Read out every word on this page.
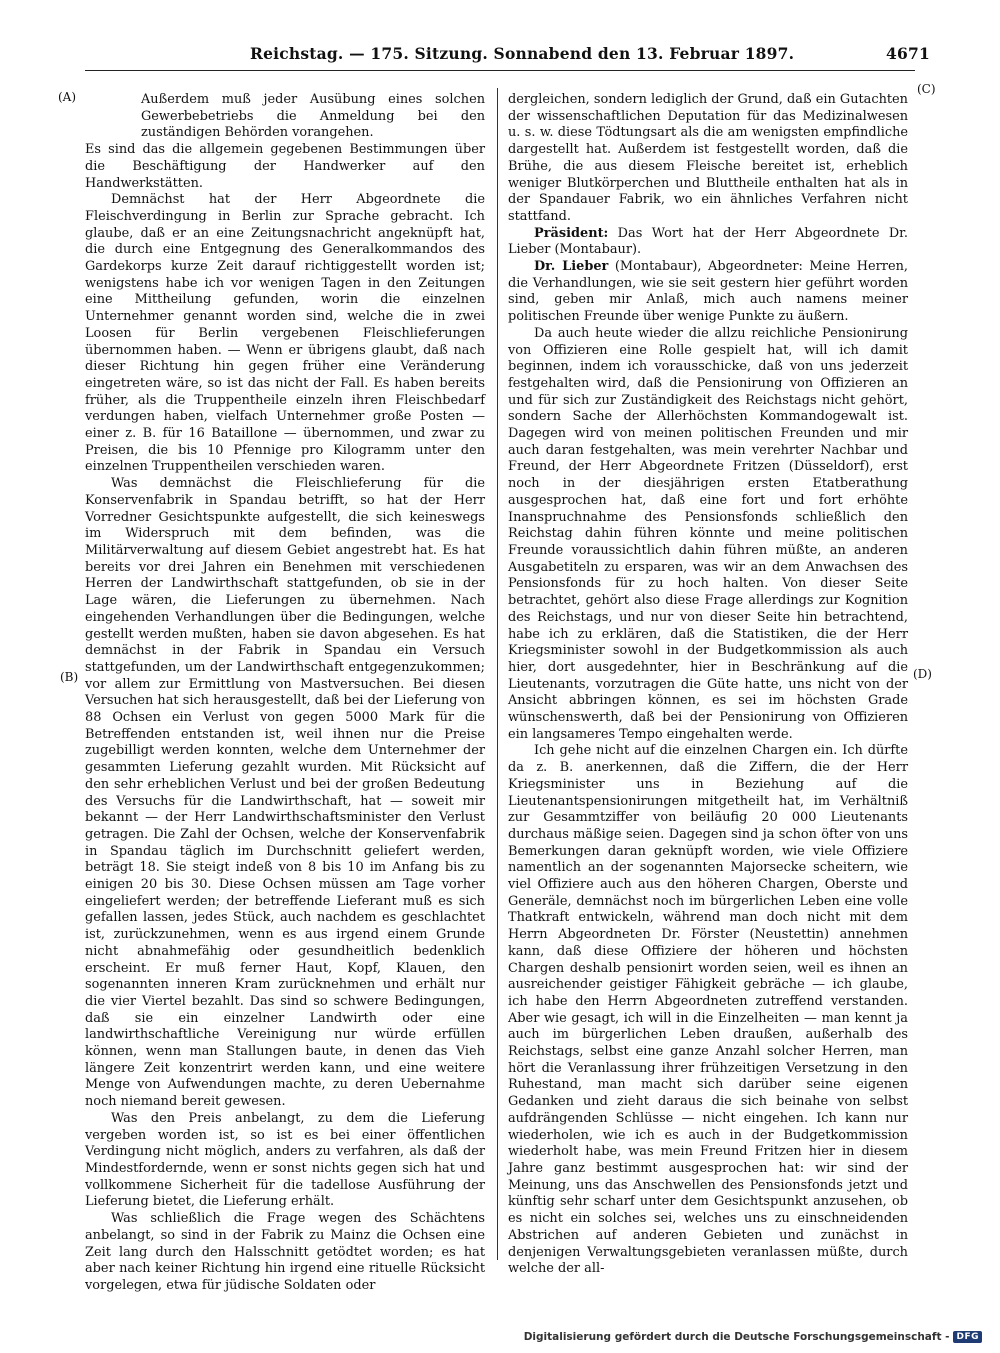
Reichstag. — 175. Sitzung. Sonnabend den 13. Februar 1897.	4671
(A)
(B)
(C)
(D)

Außerdem muß jeder Ausübung eines solchen Gewerbebetriebs die Anmeldung bei den zuständigen Behörden vorangehen.

Es sind das die allgemein gegebenen Bestimmungen über die Beschäftigung der Handwerker auf den Handwerkstätten.

Demnächst hat der Herr Abgeordnete die Fleischverdingung in Berlin zur Sprache gebracht. Ich glaube, daß er an eine Zeitungsnachricht angeknüpft hat, die durch eine Entgegnung des Generalkommandos des Gardekorps kurze Zeit darauf richtiggestellt worden ist; wenigstens habe ich vor wenigen Tagen in den Zeitungen eine Mittheilung gefunden, worin die einzelnen Unternehmer genannt worden sind, welche die in zwei Loosen für Berlin vergebenen Fleischlieferungen übernommen haben. — Wenn er übrigens glaubt, daß nach dieser Richtung hin gegen früher eine Veränderung eingetreten wäre, so ist das nicht der Fall. Es haben bereits früher, als die Truppentheile einzeln ihren Fleischbedarf verdungen haben, vielfach Unternehmer große Posten — einer z. B. für 16 Bataillone — übernommen, und zwar zu Preisen, die bis 10 Pfennige pro Kilogramm unter den einzelnen Truppentheilen verschieden waren.

Was demnächst die Fleischlieferung für die Konservenfabrik in Spandau betrifft, so hat der Herr Vorredner Gesichtspunkte aufgestellt, die sich keineswegs im Widerspruch mit dem befinden, was die Militärverwaltung auf diesem Gebiet angestrebt hat. Es hat bereits vor drei Jahren ein Benehmen mit verschiedenen Herren der Landwirthschaft stattgefunden, ob sie in der Lage wären, die Lieferungen zu übernehmen. Nach eingehenden Verhandlungen über die Bedingungen, welche gestellt werden mußten, haben sie davon abgesehen. Es hat demnächst in der Fabrik in Spandau ein Versuch stattgefunden, um der Landwirthschaft entgegenzukommen; vor allem zur Ermittlung von Mastversuchen. Bei diesen Versuchen hat sich herausgestellt, daß bei der Lieferung von 88 Ochsen ein Verlust von gegen 5000 Mark für die Betreffenden entstanden ist, weil ihnen nur die Preise zugebilligt werden konnten, welche dem Unternehmer der gesammten Lieferung gezahlt wurden. Mit Rücksicht auf den sehr erheblichen Verlust und bei der großen Bedeutung des Versuchs für die Landwirthschaft, hat — soweit mir bekannt — der Herr Landwirthschaftsminister den Verlust getragen. Die Zahl der Ochsen, welche der Konservenfabrik in Spandau täglich im Durchschnitt geliefert werden, beträgt 18. Sie steigt indeß von 8 bis 10 im Anfang bis zu einigen 20 bis 30. Diese Ochsen müssen am Tage vorher eingeliefert werden; der betreffende Lieferant muß es sich gefallen lassen, jedes Stück, auch nachdem es geschlachtet ist, zurückzunehmen, wenn es aus irgend einem Grunde nicht abnahmefähig oder gesundheitlich bedenklich erscheint. Er muß ferner Haut, Kopf, Klauen, den sogenannten inneren Kram zurücknehmen und erhält nur die vier Viertel bezahlt. Das sind so schwere Bedingungen, daß sie ein einzelner Landwirth oder eine landwirthschaftliche Vereinigung nur würde erfüllen können, wenn man Stallungen baute, in denen das Vieh längere Zeit konzentrirt werden kann, und eine weitere Menge von Aufwendungen machte, zu deren Uebernahme noch niemand bereit gewesen.

Was den Preis anbelangt, zu dem die Lieferung vergeben worden ist, so ist es bei einer öffentlichen Verdingung nicht möglich, anders zu verfahren, als daß der Mindestfordernde, wenn er sonst nichts gegen sich hat und vollkommene Sicherheit für die tadellose Ausführung der Lieferung bietet, die Lieferung erhält.

Was schließlich die Frage wegen des Schächtens anbelangt, so sind in der Fabrik zu Mainz die Ochsen eine Zeit lang durch den Halsschnitt getödtet worden; es hat aber nach keiner Richtung hin irgend eine rituelle Rücksicht vorgelegen, etwa für jüdische Soldaten oder

dergleichen, sondern lediglich der Grund, daß ein Gutachten der wissenschaftlichen Deputation für das Medizinalwesen u. s. w. diese Tödtungsart als die am wenigsten empfindliche dargestellt hat. Außerdem ist festgestellt worden, daß die Brühe, die aus diesem Fleische bereitet ist, erheblich weniger Blutkörperchen und Bluttheile enthalten hat als in der Spandauer Fabrik, wo ein ähnliches Verfahren nicht stattfand.

Präsident: Das Wort hat der Herr Abgeordnete Dr. Lieber (Montabaur).

Dr. Lieber (Montabaur), Abgeordneter: Meine Herren, die Verhandlungen, wie sie seit gestern hier geführt worden sind, geben mir Anlaß, mich auch namens meiner politischen Freunde über wenige Punkte zu äußern.

Da auch heute wieder die allzu reichliche Pensionirung von Offizieren eine Rolle gespielt hat, will ich damit beginnen, indem ich vorausschicke, daß von uns jederzeit festgehalten wird, daß die Pensionirung von Offizieren an und für sich zur Zuständigkeit des Reichstags nicht gehört, sondern Sache der Allerhöchsten Kommandogewalt ist. Dagegen wird von meinen politischen Freunden und mir auch daran festgehalten, was mein verehrter Nachbar und Freund, der Herr Abgeordnete Fritzen (Düsseldorf), erst noch in der diesjährigen ersten Etatberathung ausgesprochen hat, daß eine fort und fort erhöhte Inanspruchnahme des Pensionsfonds schließlich den Reichstag dahin führen könnte und meine politischen Freunde voraussichtlich dahin führen müßte, an anderen Ausgabetiteln zu ersparen, was wir an dem Anwachsen des Pensionsfonds für zu hoch halten. Von dieser Seite betrachtet, gehört also diese Frage allerdings zur Kognition des Reichstags, und nur von dieser Seite hin betrachtend, habe ich zu erklären, daß die Statistiken, die der Herr Kriegsminister sowohl in der Budgetkommission als auch hier, dort ausgedehnter, hier in Beschränkung auf die Lieutenants, vorzutragen die Güte hatte, uns nicht von der Ansicht abbringen können, es sei im höchsten Grade wünschenswerth, daß bei der Pensionirung von Offizieren ein langsameres Tempo eingehalten werde.

Ich gehe nicht auf die einzelnen Chargen ein. Ich dürfte da z. B. anerkennen, daß die Ziffern, die der Herr Kriegsminister uns in Beziehung auf die Lieutenantspensionirungen mitgetheilt hat, im Verhältniß zur Gesammtziffer von beiläufig 20 000 Lieutenants durchaus mäßige seien. Dagegen sind ja schon öfter von uns Bemerkungen daran geknüpft worden, wie viele Offiziere namentlich an der sogenannten Majorsecke scheitern, wie viel Offiziere auch aus den höheren Chargen, Oberste und Generäle, demnächst noch im bürgerlichen Leben eine volle Thatkraft entwickeln, während man doch nicht mit dem Herrn Abgeordneten Dr. Förster (Neustettin) annehmen kann, daß diese Offiziere der höheren und höchsten Chargen deshalb pensionirt worden seien, weil es ihnen an ausreichender geistiger Fähigkeit gebräche — ich glaube, ich habe den Herrn Abgeordneten zutreffend verstanden. Aber wie gesagt, ich will in die Einzelheiten — man kennt ja auch im bürgerlichen Leben draußen, außerhalb des Reichstags, selbst eine ganze Anzahl solcher Herren, man hört die Veranlassung ihrer frühzeitigen Versetzung in den Ruhestand, man macht sich darüber seine eigenen Gedanken und zieht daraus die sich beinahe von selbst aufdrängenden Schlüsse — nicht eingehen. Ich kann nur wiederholen, wie ich es auch in der Budgetkommission wiederholt habe, was mein Freund Fritzen hier in diesem Jahre ganz bestimmt ausgesprochen hat: wir sind der Meinung, uns das Anschwellen des Pensionsfonds jetzt und künftig sehr scharf unter dem Gesichtspunkt anzusehen, ob es nicht ein solches sei, welches uns zu einschneidenden Abstrichen auf anderen Gebieten und zunächst in denjenigen Verwaltungsgebieten veranlassen müßte, durch welche der all-

Digitalisierung gefördert durch die Deutsche Forschungsgemeinschaft - DFG
